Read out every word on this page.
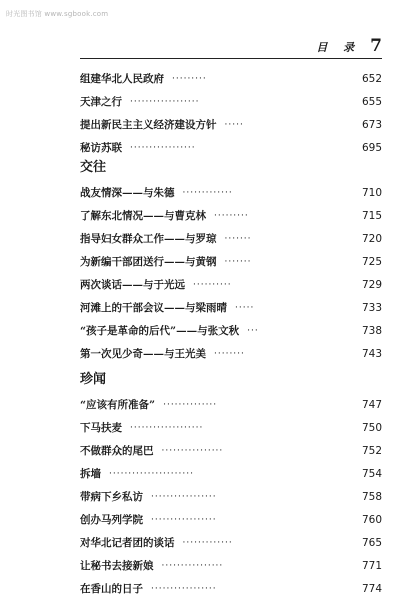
时光图书馆 www.sgbook.com
目 录 7
组建华北人民政府 ·········	652
天津之行 ··················	655
提出新民主主义经济建设方针 ·····	673
秘访苏联 ·················	695
交往
战友情深——与朱德 ·············	710
了解东北情况——与曹克林 ·········	715
指导妇女群众工作——与罗琼 ·······	720
为新编干部团送行——与黄钢 ·······	725
两次谈话——与于光远 ··········	729
河滩上的干部会议——与梁雨晴 ·····	733
“孩子是革命的后代”——与张文秋 ···	738
第一次见少奇——与王光美 ········	743
珍闻
“应该有所准备” ··············	747
下马扶麦 ···················	750
不做群众的尾巴 ················	752
拆墙 ······················	754
带病下乡私访 ·················	758
创办马列学院 ·················	760
对华北记者团的谈话 ·············	765
让秘书去接新娘 ················	771
在香山的日子 ·················	774
